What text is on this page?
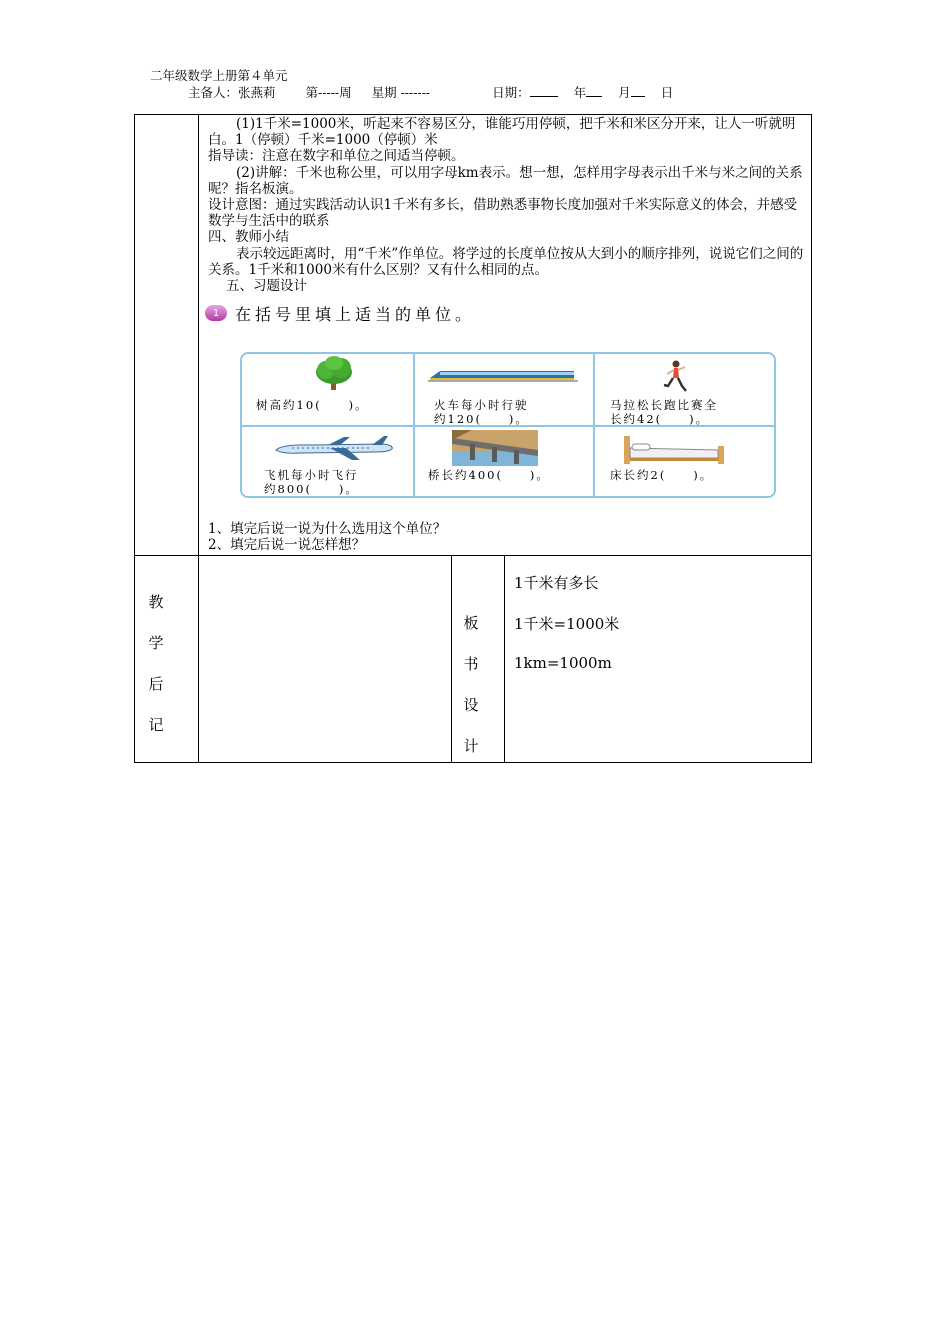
二年级数学上册第４单元
主备人：张燕莉 第-----周 星期 -------	日期：	年	月 日

(1)1千米=1000米，听起来不容易区分，谁能巧用停顿，把千米和米区分开来，让人一听就明白。1（停顿）千米=1000（停顿）米

指导读：注意在数字和单位之间适当停顿。

(2)讲解：千米也称公里，可以用字母km表示。想一想，怎样用字母表示出千米与米之间的关系呢？指名板演。

设计意图：通过实践活动认识1千米有多长，借助熟悉事物长度加强对千米实际意义的体会，并感受数学与生活中的联系

四、教师小结

表示较远距离时，用“千米”作单位。将学过的长度单位按从大到小的顺序排列，说说它们之间的关系。1千米和1000米有什么区别？又有什么相同的点。

五、习题设计

1 在括号里填上适当的单位。
树高约10(　　)。	火车每小时行驶
约120(　　)。
马拉松长跑比赛全
长约42(　　)。
飞机每小时飞行
约800(　　)。
桥长约400(　　)。	床长约2(　　)。

1、填完后说一说为什么选用这个单位？

2、填完后说一说怎样想？

教
学
后
记
板
书
设
计
1千米有多长
1千米=1000米
1km=1000m
